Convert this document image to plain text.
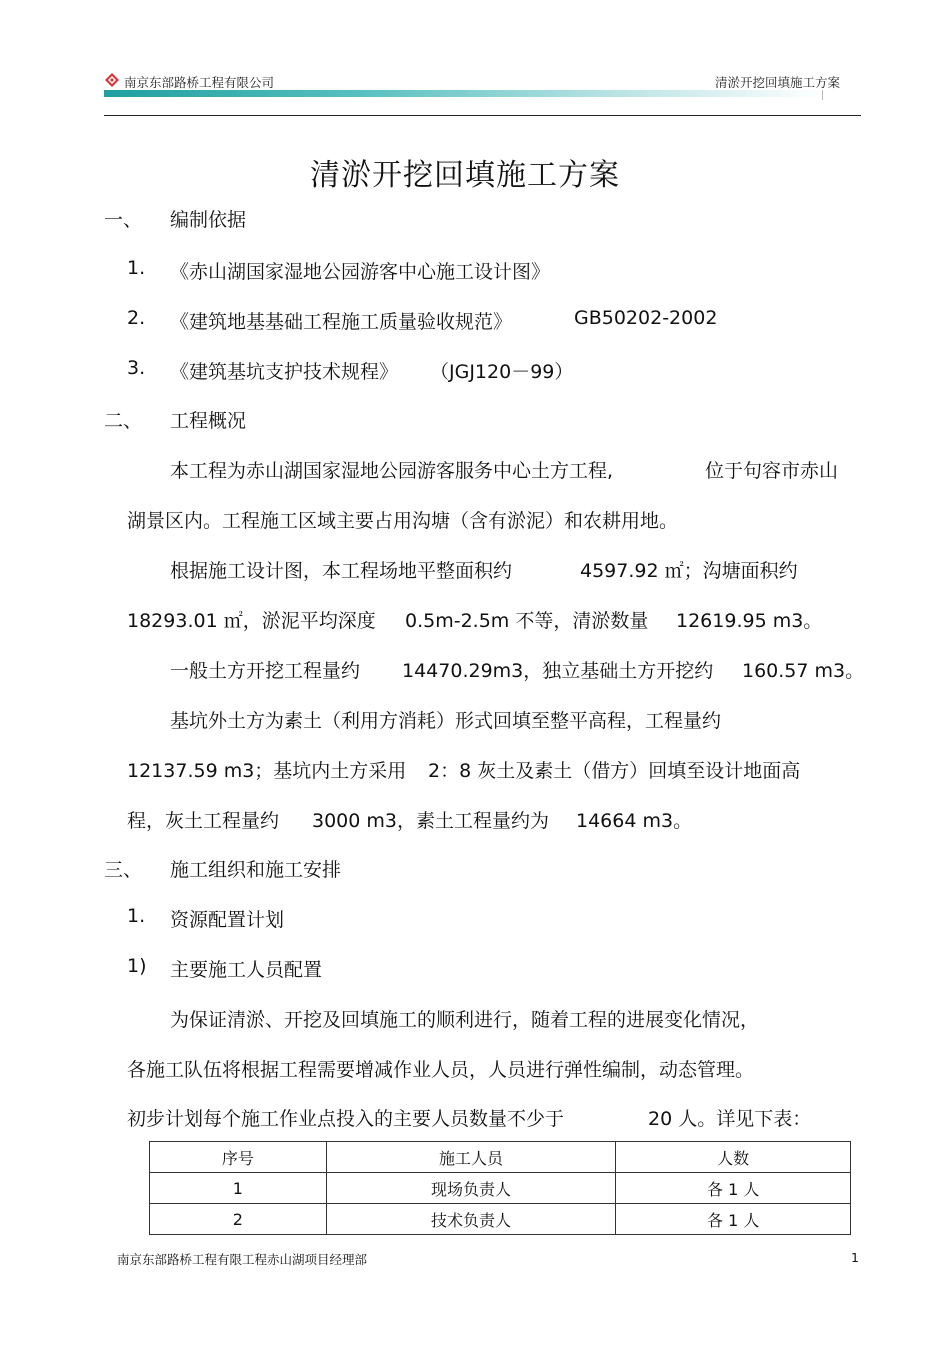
南京东部路桥工程有限公司	清淤开挖回填施工方案
清淤开挖回填施工方案
一、 编制依据
1. 《赤山湖国家湿地公园游客中心施工设计图》
2. 《建筑地基基础工程施工质量验收规范》	GB50202-2002
3. 《建筑基坑支护技术规程》 （JGJ120－99）
二、 工程概况
本工程为赤山湖国家湿地公园游客服务中心土方工程,	位于句容市赤山
湖景区内。工程施工区域主要占用沟塘（含有淤泥）和农耕用地。
根据施工设计图，本工程场地平整面积约	4597.92 ㎡；沟塘面积约
18293.01 ㎡，淤泥平均深度 0.5m-2.5m 不等，清淤数量 12619.95 m3。
一般土方开挖工程量约 14470.29m3，独立基础土方开挖约 160.57 m3。
基坑外土方为素土（利用方消耗）形式回填至整平高程，工程量约
12137.59 m3；基坑内土方采用 2：8 灰土及素土（借方）回填至设计地面高
程，灰土工程量约 3000 m3，素土工程量约为 14664 m3。
三、 施工组织和施工安排
1. 资源配置计划
1) 主要施工人员配置
为保证清淤、开挖及回填施工的顺利进行，随着工程的进展变化情况，
各施工队伍将根据工程需要增减作业人员，人员进行弹性编制，动态管理。
初步计划每个施工作业点投入的主要人员数量不少于	20 人。详见下表：
序号	施工人员	人数
1	现场负责人	各 1 人
2	技术负责人	各 1 人
南京东部路桥工程有限工程赤山湖项目经理部	1
